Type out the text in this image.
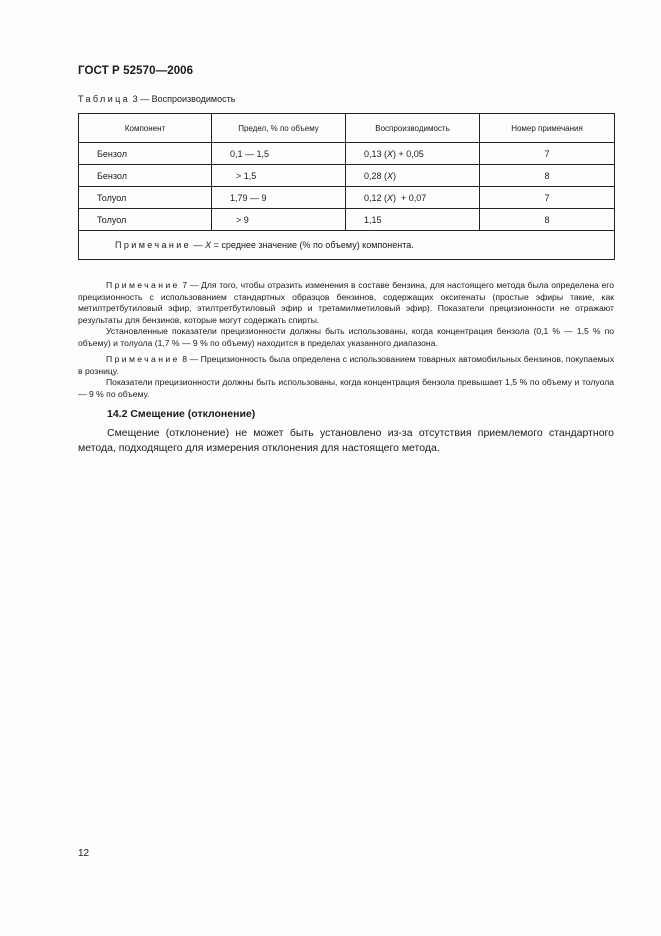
ГОСТ Р 52570—2006
Таблица 3 — Воспроизводимость
Компонент	Предел, % по объему	Воспроизводимость	Номер примечания
Бензол	0,1 — 1,5	0,13 (X) + 0,05	7
Бензол	> 1,5	0,28 (X)	8
Толуол	1,79 — 9	0,12 (X)  + 0,07	7
Толуол	> 9	1,15	8
Примечание — X = среднее значение (% по объему) компонента.			

Примечание 7 — Для того, чтобы отразить изменения в составе бензина, для настоящего метода была определена его прецизионность с использованием стандартных образцов бензинов, содержащих оксигенаты (простые эфиры такие, как метилтретбутиловый эфир, этилтретбутиловый эфир и третамилметиловый эфир). Показатели прецизионности не отражают результаты для бензинов, которые могут содержать спирты.

Установленные показатели прецизионности должны быть использованы, когда концентрация бензола (0,1 % — 1,5 % по объему) и толуола (1,7 % — 9 % по объему) находится в пределах указанного диапазона.

Примечание 8 — Прецизионность была определена с использованием товарных автомобильных бензинов, покупаемых в розницу.

Показатели прецизионности должны быть использованы, когда концентрация бензола превышает 1,5 % по объему и толуола — 9 % по объему.

14.2 Смещение (отклонение)

Смещение (отклонение) не может быть установлено из-за отсутствия приемлемого стандартного метода, подходящего для измерения отклонения для настоящего метода.

12
